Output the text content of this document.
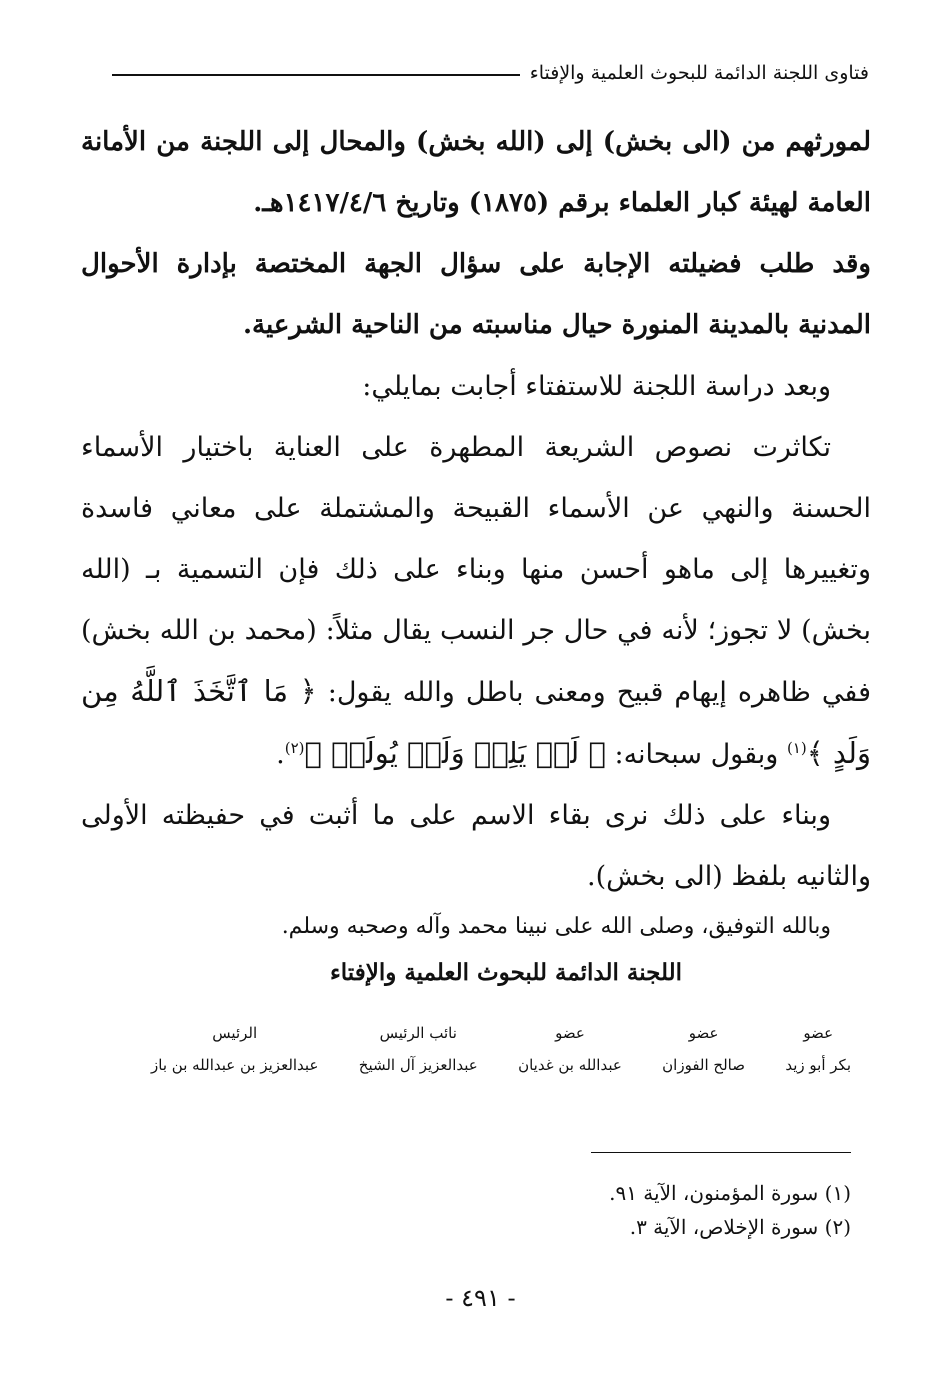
فتاوى اللجنة الدائمة للبحوث العلمية والإفتاء

لمورثهم من (الى بخش) إلى (الله بخش) والمحال إلى اللجنة من الأمانة العامة لهيئة كبار العلماء برقم (١٨٧٥) وتاريخ ١٤١٧/٤/٦هـ.

وقد طلب فضيلته الإجابة على سؤال الجهة المختصة بإدارة الأحوال المدنية بالمدينة المنورة حيال مناسبته من الناحية الشرعية.

وبعد دراسة اللجنة للاستفتاء أجابت بمايلي:

تكاثرت نصوص الشريعة المطهرة على العناية باختيار الأسماء الحسنة والنهي عن الأسماء القبيحة والمشتملة على معاني فاسدة وتغييرها إلى ماهو أحسن منها وبناء على ذلك فإن التسمية بـ (الله بخش) لا تجوز؛ لأنه في حال جر النسب يقال مثلاً: (محمد بن الله بخش) ففي ظاهره إيهام قبيح ومعنى باطل والله يقول: ﴿ مَا ٱتَّخَذَ ٱللَّهُ مِن وَلَدٍ ﴾$^{(١)}$ وبقول سبحانه: ﴿ لَمۡ يَلِدۡ وَلَمۡ يُولَدۡ ﴾$^{(٢)}$.

وبناء على ذلك نرى بقاء الاسم على ما أثبت في حفيظته الأولى والثانيه بلفظ (الى بخش).

وبالله التوفيق، وصلى الله على نبينا محمد وآله وصحبه وسلم.

اللجنة الدائمة للبحوث العلمية والإفتاء

عضو
بكر أبو زيد
عضو
صالح الفوزان
عضو
عبدالله بن غديان
نائب الرئيس
عبدالعزيز آل الشيخ
الرئيس
عبدالعزيز بن عبدالله بن باز

(١) سورة المؤمنون، الآية ٩١.

(٢) سورة الإخلاص، الآية ٣.

- ٤٩١ -
